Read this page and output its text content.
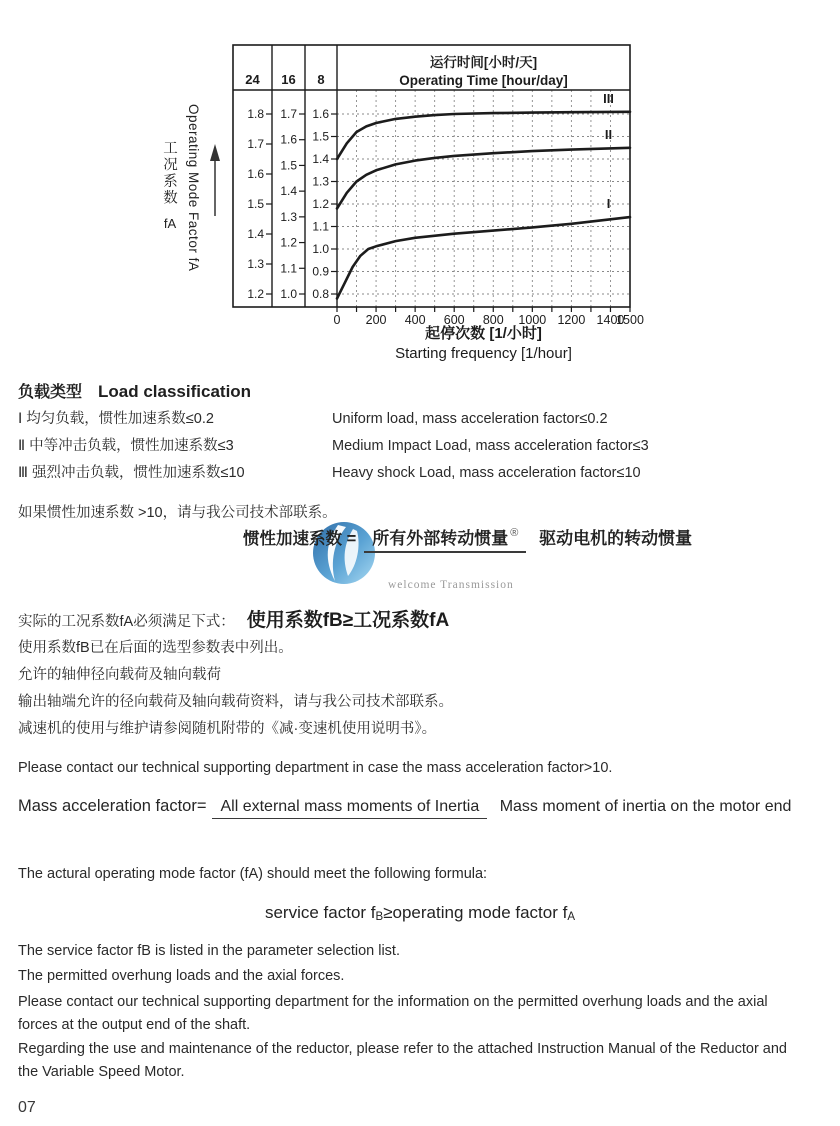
III
II
I
24 16 8
运行时间[小时/天]
Operating Time [hour/day]
1.8
1.7
1.6
1.5
1.4
1.3
1.2
1.7
1.6
1.5
1.4
1.3
1.2
1.1
1.0
1.6
1.5
1.4
1.3
1.2
1.1
1.0
0.9
0.8
0 200 400 600 800 1000 1200 1400
1500
起停次数 [1/小时]
Starting frequency [1/hour]
Operating Mode Factor fA
工况系数
fA
负载类型 Load classification
Ⅰ 均匀负载，惯性加速系数≤0.2	Uniform load, mass acceleration factor≤0.2
Ⅱ 中等冲击负载，惯性加速系数≤3	Medium Impact Load, mass acceleration factor≤3
Ⅲ 强烈冲击负载，惯性加速系数≤10	Heavy shock Load, mass acceleration factor≤10
如果惯性加速系数 >10，请与我公司技术部联系。
惯性加速系数 = 所有外部转动惯量 ® 驱动电机的转动惯量
welcome Transmission
实际的工况系数fA必须满足下式： 使用系数fB≥工况系数fA
使用系数fB已在后面的选型参数表中列出。
允许的轴伸径向载荷及轴向载荷
输出轴端允许的径向载荷及轴向载荷资料，请与我公司技术部联系。
减速机的使用与维护请参阅随机附带的《减·变速机使用说明书》。
Please contact our technical supporting department in case the mass acceleration factor>10.
Mass acceleration factor= All external mass moments of Inertia Mass moment of inertia on the motor end
The actural operating mode factor (fA) should meet the following formula:
service factor fB≥operating mode factor fA
The service factor fB is listed in the parameter selection list.
The permitted overhung loads and the axial forces.
Please contact our technical supporting department for the information on the permitted overhung loads and the axial forces at the output end of the shaft.
Regarding the use and maintenance of the reductor, please refer to the attached Instruction Manual of the Reductor and the Variable Speed Motor.
07
